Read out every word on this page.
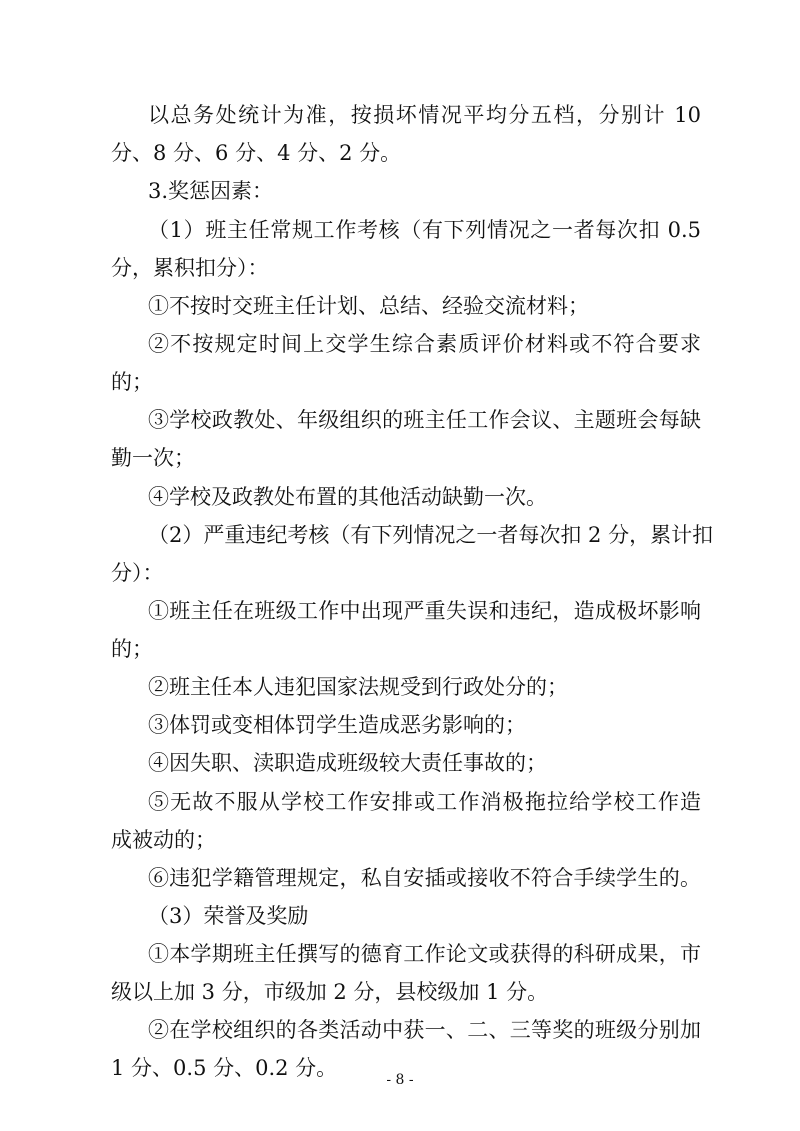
以总务处统计为准，按损坏情况平均分五档，分别计 10
分、8 分、6 分、4 分、2 分。
3.奖惩因素：
（1）班主任常规工作考核（有下列情况之一者每次扣 0.5
分，累积扣分）：
①不按时交班主任计划、总结、经验交流材料；
②不按规定时间上交学生综合素质评价材料或不符合要求
的；
③学校政教处、年级组织的班主任工作会议、主题班会每缺
勤一次；
④学校及政教处布置的其他活动缺勤一次。
（2）严重违纪考核（有下列情况之一者每次扣 2 分，累计扣
分）：
①班主任在班级工作中出现严重失误和违纪，造成极坏影响
的；
②班主任本人违犯国家法规受到行政处分的；
③体罚或变相体罚学生造成恶劣影响的；
④因失职、渎职造成班级较大责任事故的；
⑤无故不服从学校工作安排或工作消极拖拉给学校工作造
成被动的；
⑥违犯学籍管理规定，私自安插或接收不符合手续学生的。
（3）荣誉及奖励
①本学期班主任撰写的德育工作论文或获得的科研成果，市
级以上加 3 分，市级加 2 分，县校级加 1 分。
②在学校组织的各类活动中获一、二、三等奖的班级分别加
1 分、0.5 分、0.2 分。	- 8 -
